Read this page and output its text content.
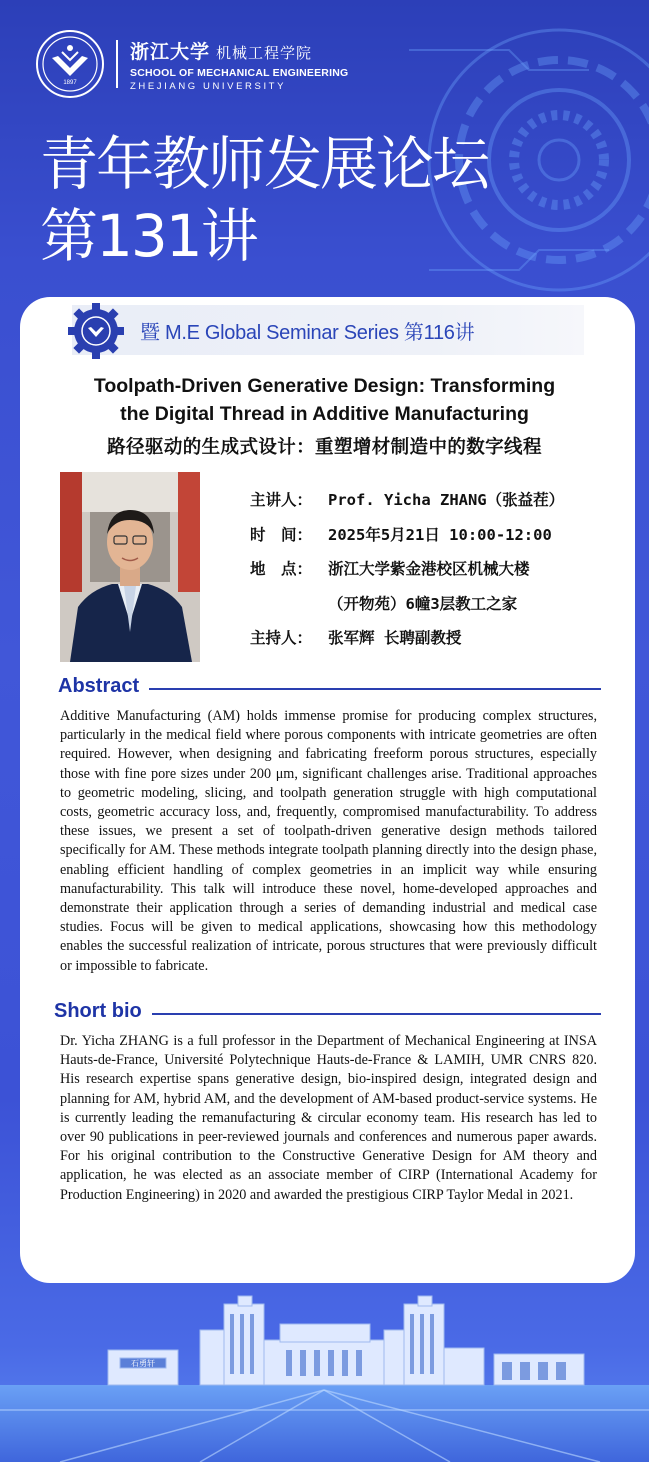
1897
浙江大学 机械工程学院
SCHOOL OF MECHANICAL ENGINEERING
ZHEJIANG UNIVERSITY
青年教师发展论坛
第131讲
暨 M.E Global Seminar Series 第116讲
Toolpath-Driven Generative Design: Transforming
the Digital Thread in Additive Manufacturing
路径驱动的生成式设计：重塑增材制造中的数字线程
主讲人： Prof. Yicha ZHANG（张益茬）
时　间： 2025年5月21日 10:00-12:00
地　点： 浙江大学紫金港校区机械大楼
（开物苑）6幢3层教工之家
主持人： 张军辉 长聘副教授
Abstract
Additive Manufacturing (AM) holds immense promise for producing complex structures, particularly in the medical field where porous components with intricate geometries are often required. However, when designing and fabricating freeform porous structures, especially those with fine pore sizes under 200 μm, significant challenges arise. Traditional approaches to geometric modeling, slicing, and toolpath generation struggle with high computational costs, geometric accuracy loss, and, frequently, compromised manufacturability. To address these issues, we present a set of toolpath-driven generative design methods tailored specifically for AM. These methods integrate toolpath planning directly into the design phase, enabling efficient handling of complex geometries in an implicit way while ensuring manufacturability. This talk will introduce these novel, home-developed approaches and demonstrate their application through a series of demanding industrial and medical case studies. Focus will be given to medical applications, showcasing how this methodology enables the successful realization of intricate, porous structures that were previously difficult or impossible to fabricate.
Short bio
Dr. Yicha ZHANG is a full professor in the Department of Mechanical Engineering at INSA Hauts-de-France, Université Polytechnique Hauts-de-France & LAMIH, UMR CNRS 820. His research expertise spans generative design, bio-inspired design, integrated design and planning for AM, hybrid AM, and the development of AM-based product-service systems. He is currently leading the remanufacturing & circular economy team. His research has led to over 90 publications in peer-reviewed journals and conferences and numerous paper awards. For his original contribution to the Constructive Generative Design for AM theory and application, he was elected as an associate member of CIRP (International Academy for Production Engineering) in 2020 and awarded the prestigious CIRP Taylor Medal in 2021.
石勇轩
